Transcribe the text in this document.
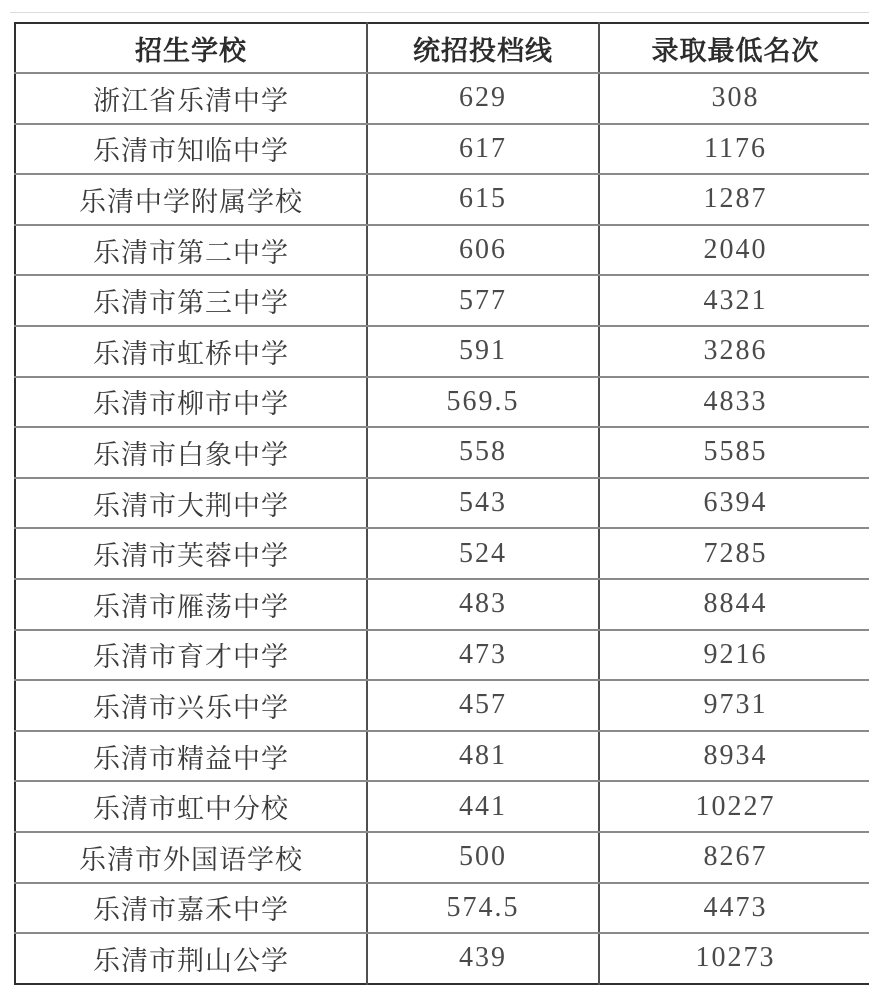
招生学校	统招投档线	录取最低名次
浙江省乐清中学	629	308
乐清市知临中学	617	1176
乐清中学附属学校	615	1287
乐清市第二中学	606	2040
乐清市第三中学	577	4321
乐清市虹桥中学	591	3286
乐清市柳市中学	569.5	4833
乐清市白象中学	558	5585
乐清市大荆中学	543	6394
乐清市芙蓉中学	524	7285
乐清市雁荡中学	483	8844
乐清市育才中学	473	9216
乐清市兴乐中学	457	9731
乐清市精益中学	481	8934
乐清市虹中分校	441	10227
乐清市外国语学校	500	8267
乐清市嘉禾中学	574.5	4473
乐清市荆山公学	439	10273
